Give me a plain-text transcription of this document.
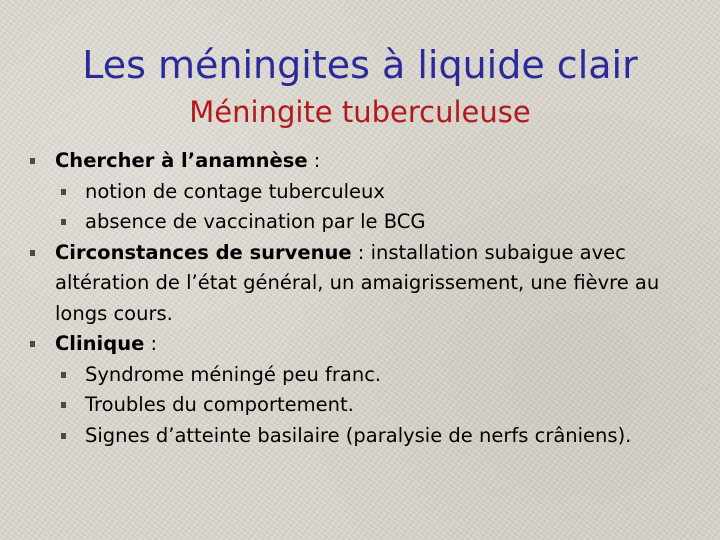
Les méningites à liquide clair
Méningite tuberculeuse
Chercher à l’anamnèse :
notion de contage tuberculeux
absence de vaccination par le BCG
Circonstances de survenue : installation subaigue avec altération de l’état général, un amaigrissement, une fièvre au longs cours.
Clinique :
Syndrome méningé peu franc.
Troubles du comportement.
Signes d’atteinte basilaire (paralysie de nerfs crâniens).
